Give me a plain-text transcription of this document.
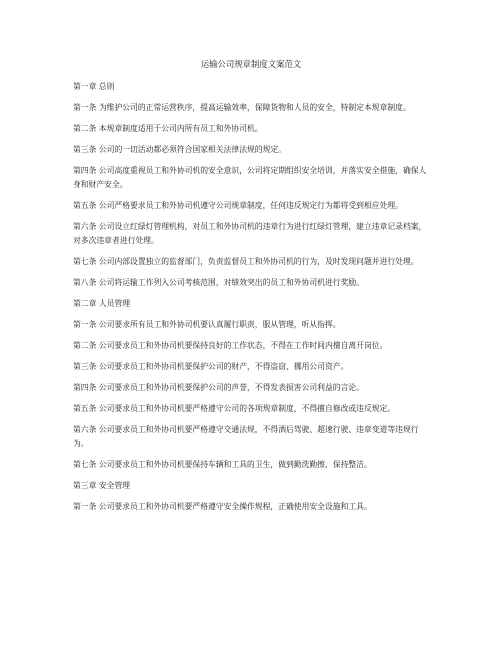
运输公司规章制度文案范文

第一章 总则

第一条 为维护公司的正常运营秩序，提高运输效率，保障货物和人员的安全，特制定本规章制度。

第二条 本规章制度适用于公司内所有员工和外协司机。

第三条 公司的一切活动都必须符合国家相关法律法规的规定。

第四条 公司高度重视员工和外协司机的安全意识，公司将定期组织安全培训，并落实安全措施，确保人身和财产安全。

第五条 公司严格要求员工和外协司机遵守公司规章制度，任何违反规定行为都将受到相应处理。

第六条 公司设立红绿灯管理机构，对员工和外协司机的违章行为进行红绿灯管理，建立违章记录档案，对多次违章者进行处理。

第七条 公司内部设置独立的监督部门，负责监督员工和外协司机的行为，及时发现问题并进行处理。

第八条 公司将运输工作列入公司考核范围，对绩效突出的员工和外协司机进行奖励。

第二章 人员管理

第一条 公司要求所有员工和外协司机要认真履行职责，服从管理，听从指挥。

第二条 公司要求员工和外协司机要保持良好的工作状态，不得在工作时间内擅自离开岗位。

第三条 公司要求员工和外协司机要保护公司的财产，不得盗窃、挪用公司资产。

第四条 公司要求员工和外协司机要保护公司的声誉，不得发表损害公司利益的言论。

第五条 公司要求员工和外协司机要严格遵守公司的各项规章制度，不得擅自修改或违反规定。

第六条 公司要求员工和外协司机要严格遵守交通法规，不得酒后驾驶、超速行驶、违章变道等违规行为。

第七条 公司要求员工和外协司机要保持车辆和工具的卫生，做到勤洗勤擦，保持整洁。

第三章 安全管理

第一条 公司要求员工和外协司机要严格遵守安全操作规程，正确使用安全设施和工具。
